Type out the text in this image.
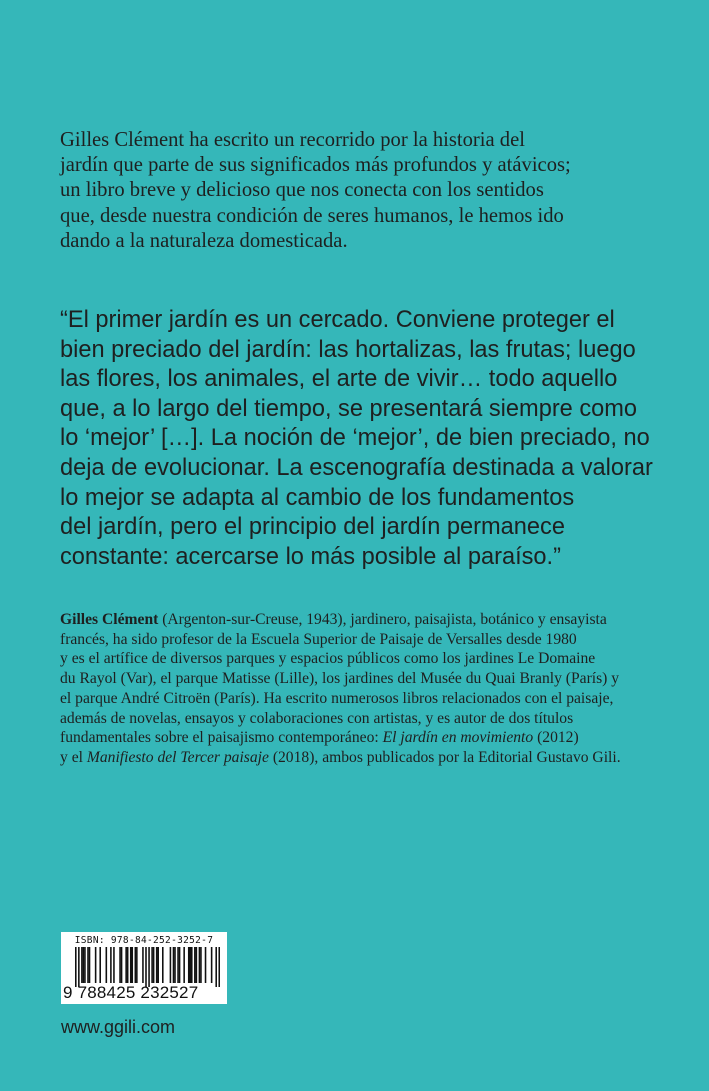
Gilles Clément ha escrito un recorrido por la historia del
jardín que parte de sus significados más profundos y atávicos;
un libro breve y delicioso que nos conecta con los sentidos
que, desde nuestra condición de seres humanos, le hemos ido
dando a la naturaleza domesticada.
“El primer jardín es un cercado. Conviene proteger el
bien preciado del jardín: las hortalizas, las frutas; luego
las flores, los animales, el arte de vivir… todo aquello
que, a lo largo del tiempo, se presentará siempre como
lo ‘mejor’ […]. La noción de ‘mejor’, de bien preciado, no
deja de evolucionar. La escenografía destinada a valorar
lo mejor se adapta al cambio de los fundamentos
del jardín, pero el principio del jardín permanece
constante: acercarse lo más posible al paraíso.”
Gilles Clément (Argenton-sur-Creuse, 1943), jardinero, paisajista, botánico y ensayista
francés, ha sido profesor de la Escuela Superior de Paisaje de Versalles desde 1980
y es el artífice de diversos parques y espacios públicos como los jardines Le Domaine
du Rayol (Var), el parque Matisse (Lille), los jardines del Musée du Quai Branly (París) y
el parque André Citroën (París). Ha escrito numerosos libros relacionados con el paisaje,
además de novelas, ensayos y colaboraciones con artistas, y es autor de dos títulos
fundamentales sobre el paisajismo contemporáneo: El jardín en movimiento (2012)
y el Manifiesto del Tercer paisaje (2018), ambos publicados por la Editorial Gustavo Gili.
ISBN: 978-84-252-3252-7
9 788425 232527
www.ggili.com
